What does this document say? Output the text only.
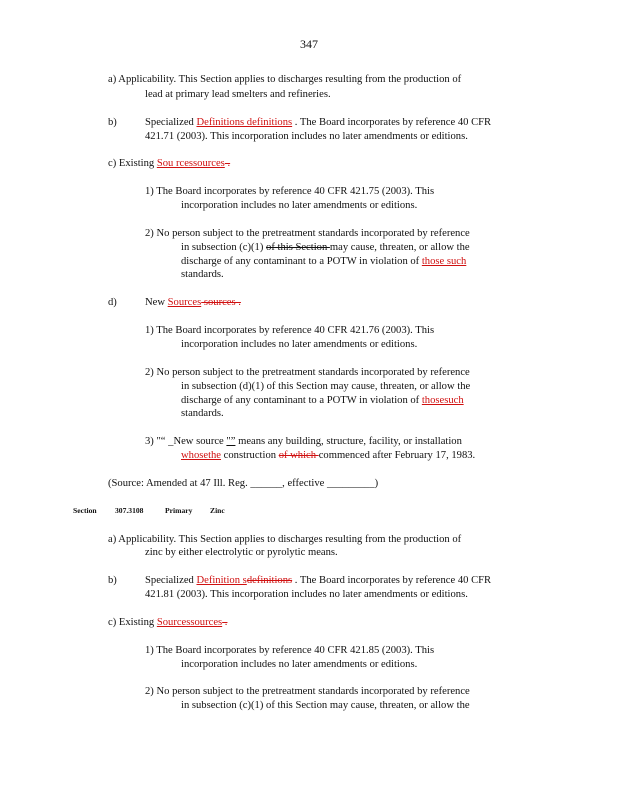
347
a) Applicability. This Section applies to discharges resulting from the production of
lead at primary lead smelters and refineries.
b)	Specialized Definitions definitions . The Board incorporates by reference 40 CFR
421.71 (2003). This incorporation includes no later amendments or editions.
c) Existing Sou rcessources .
1) The Board incorporates by reference 40 CFR 421.75 (2003). This
incorporation includes no later amendments or editions.
2) No person subject to the pretreatment standards incorporated by reference
in subsection (c)(1) of this Section may cause, threaten, or allow the
discharge of any contaminant to a POTW in violation of those such
standards.
d)	New Sources sources .
1) The Board incorporates by reference 40 CFR 421.76 (2003). This
incorporation includes no later amendments or editions.
2) No person subject to the pretreatment standards incorporated by reference
in subsection (d)(1) of this Section may cause, threaten, or allow the
discharge of any contaminant to a POTW in violation of thosesuch
standards.
3) "“ _New source "” means any building, structure, facility, or installation
whosethe construction of which commenced after February 17, 1983.
(Source: Amended at 47 Ill. Reg. ______, effective _________)
Section 307.3108	Primary Zinc
a) Applicability. This Section applies to discharges resulting from the production of
zinc by either electrolytic or pyrolytic means.
b)	Specialized Definition sdefinitions . The Board incorporates by reference 40 CFR
421.81 (2003). This incorporation includes no later amendments or editions.
c) Existing Sourcessources .
1) The Board incorporates by reference 40 CFR 421.85 (2003). This
incorporation includes no later amendments or editions.
2) No person subject to the pretreatment standards incorporated by reference
in subsection (c)(1) of this Section may cause, threaten, or allow the
